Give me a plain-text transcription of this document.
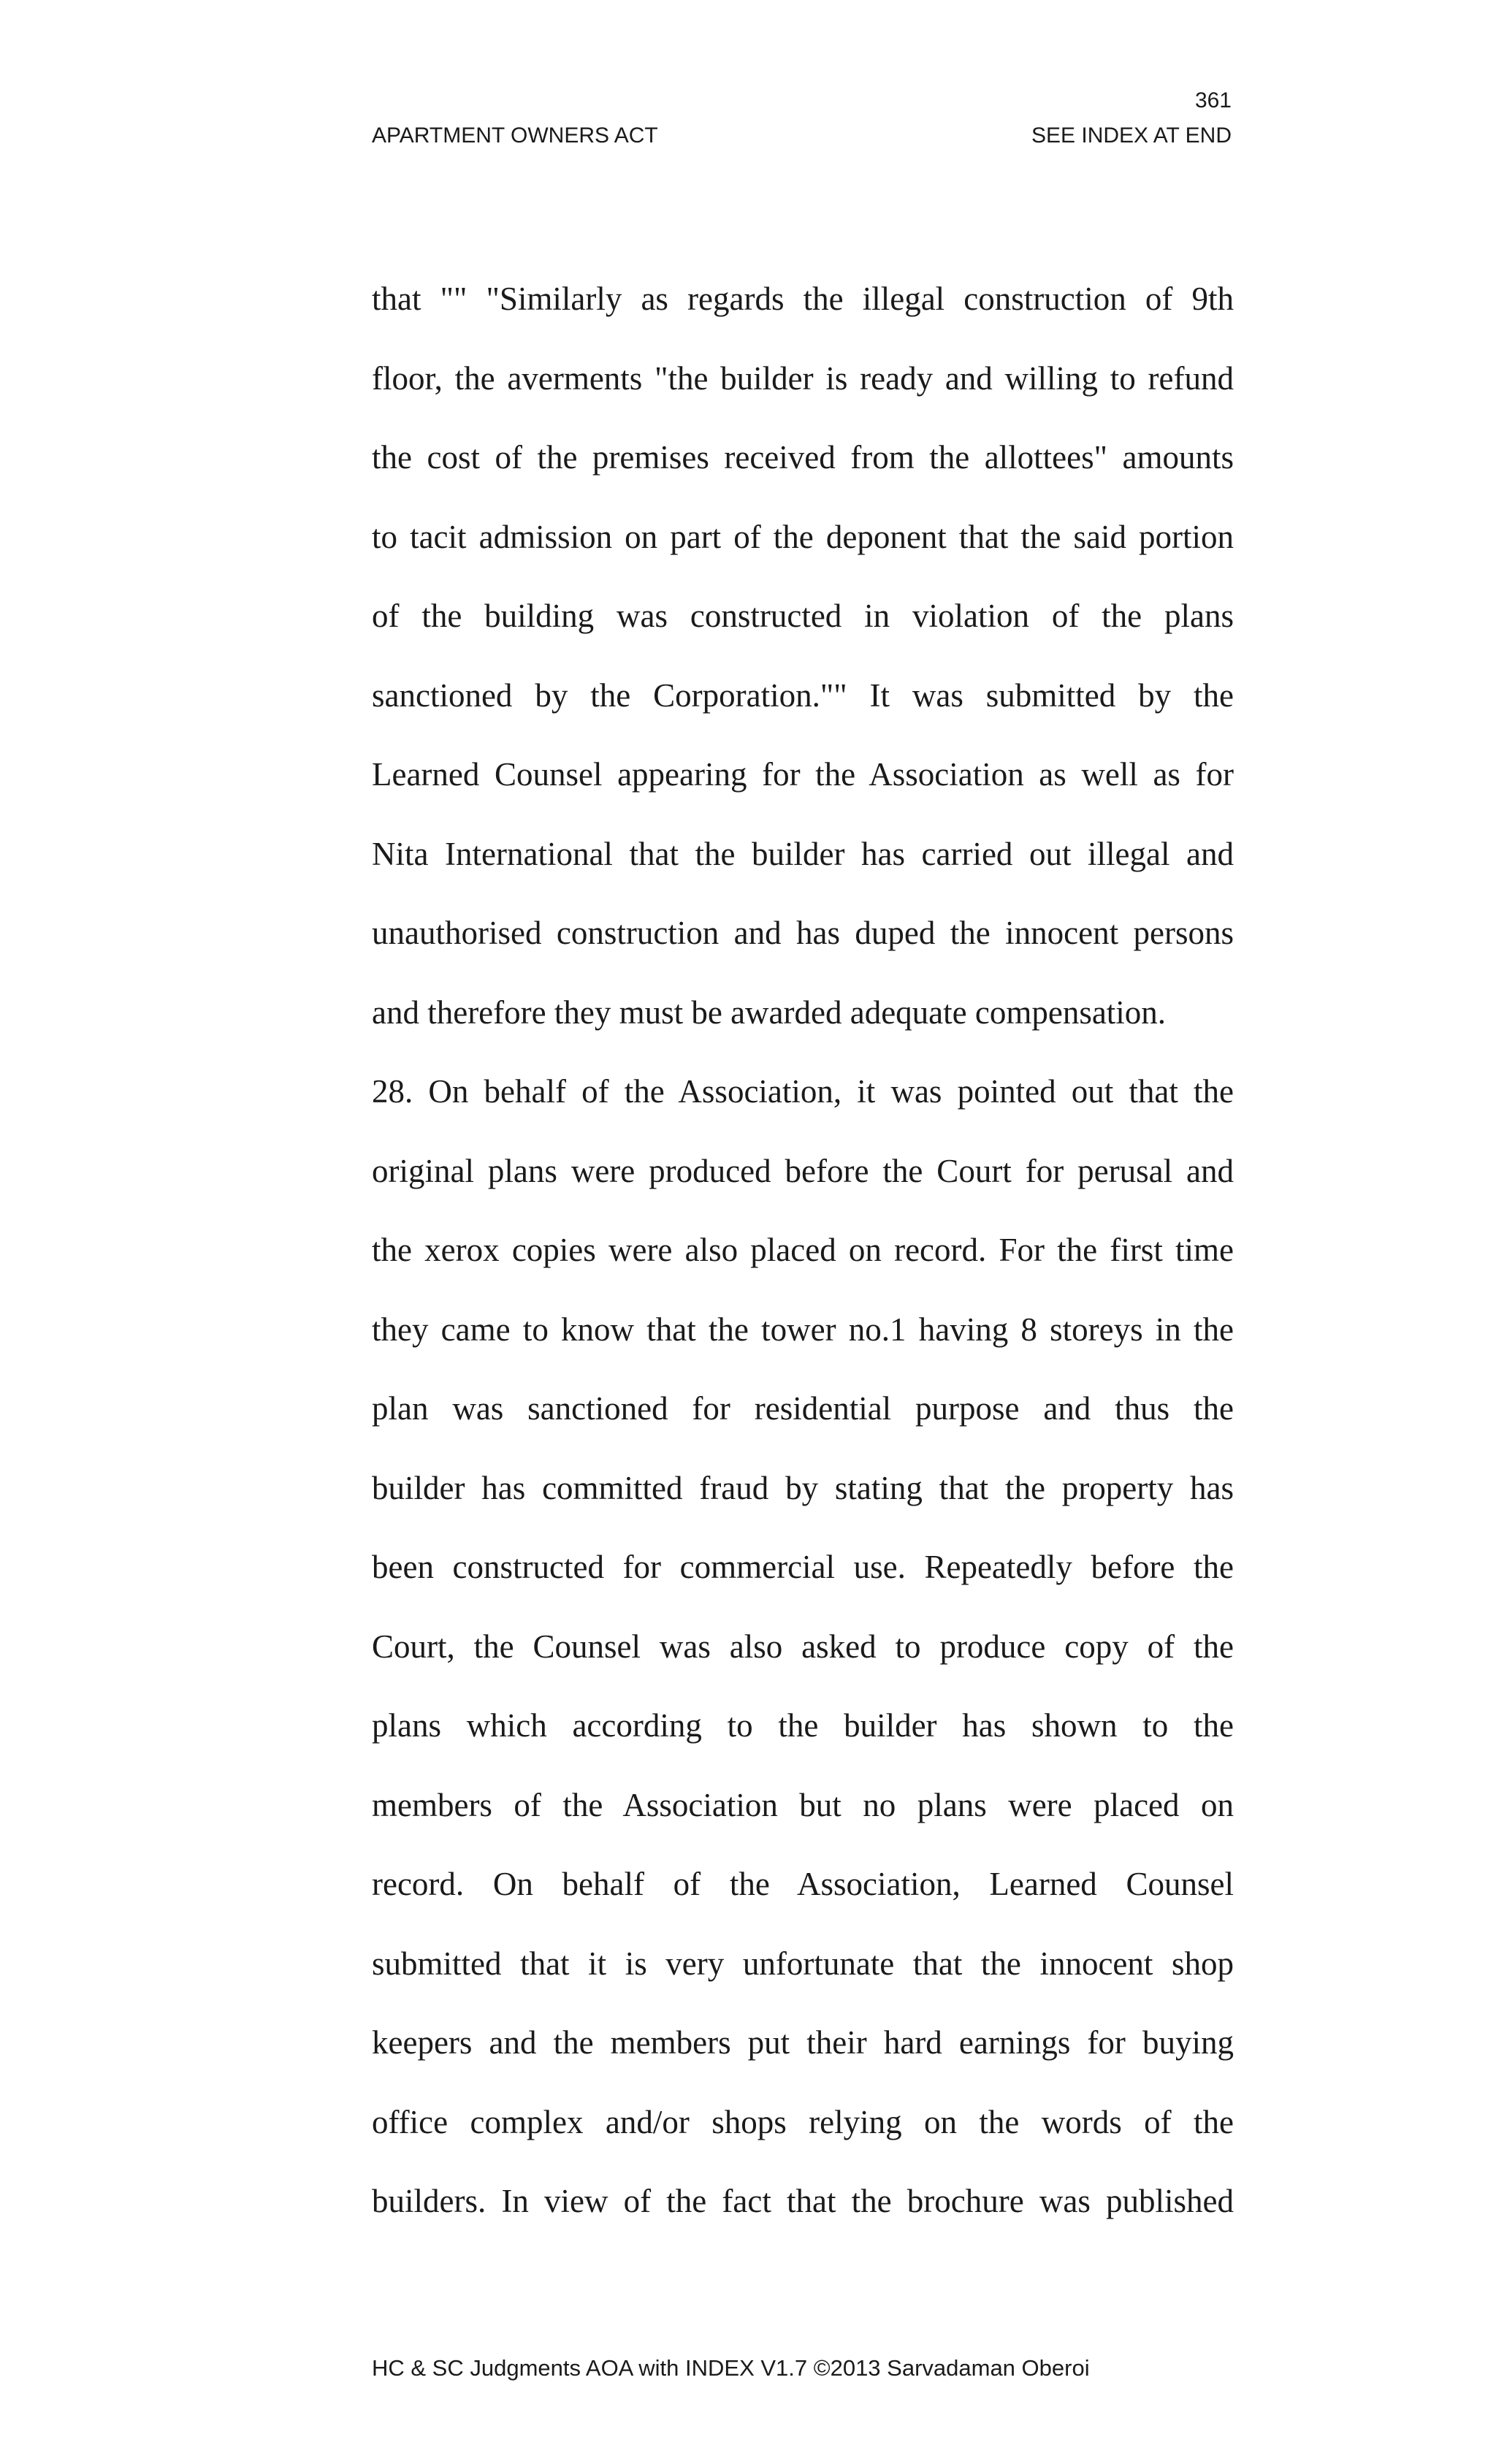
361
APARTMENT OWNERS ACT	SEE INDEX AT END
that "" "Similarly as regards the illegal construction of 9th
floor, the averments "the builder is ready and willing to refund
the cost of the premises received from the allottees" amounts
to tacit admission on part of the deponent that the said portion
of the building was constructed in violation of the plans
sanctioned by the Corporation."" It was submitted by the
Learned Counsel appearing for the Association as well as for
Nita International that the builder has carried out illegal and
unauthorised construction and has duped the innocent persons
and therefore they must be awarded adequate compensation.
28. On behalf of the Association, it was pointed out that the
original plans were produced before the Court for perusal and
the xerox copies were also placed on record. For the first time
they came to know that the tower no.1 having 8 storeys in the
plan was sanctioned for residential purpose and thus the
builder has committed fraud by stating that the property has
been constructed for commercial use. Repeatedly before the
Court, the Counsel was also asked to produce copy of the
plans which according to the builder has shown to the
members of the Association but no plans were placed on
record. On behalf of the Association, Learned Counsel
submitted that it is very unfortunate that the innocent shop
keepers and the members put their hard earnings for buying
office complex and/or shops relying on the words of the
builders. In view of the fact that the brochure was published
HC & SC Judgments AOA with INDEX V1.7 ©2013 Sarvadaman Oberoi
